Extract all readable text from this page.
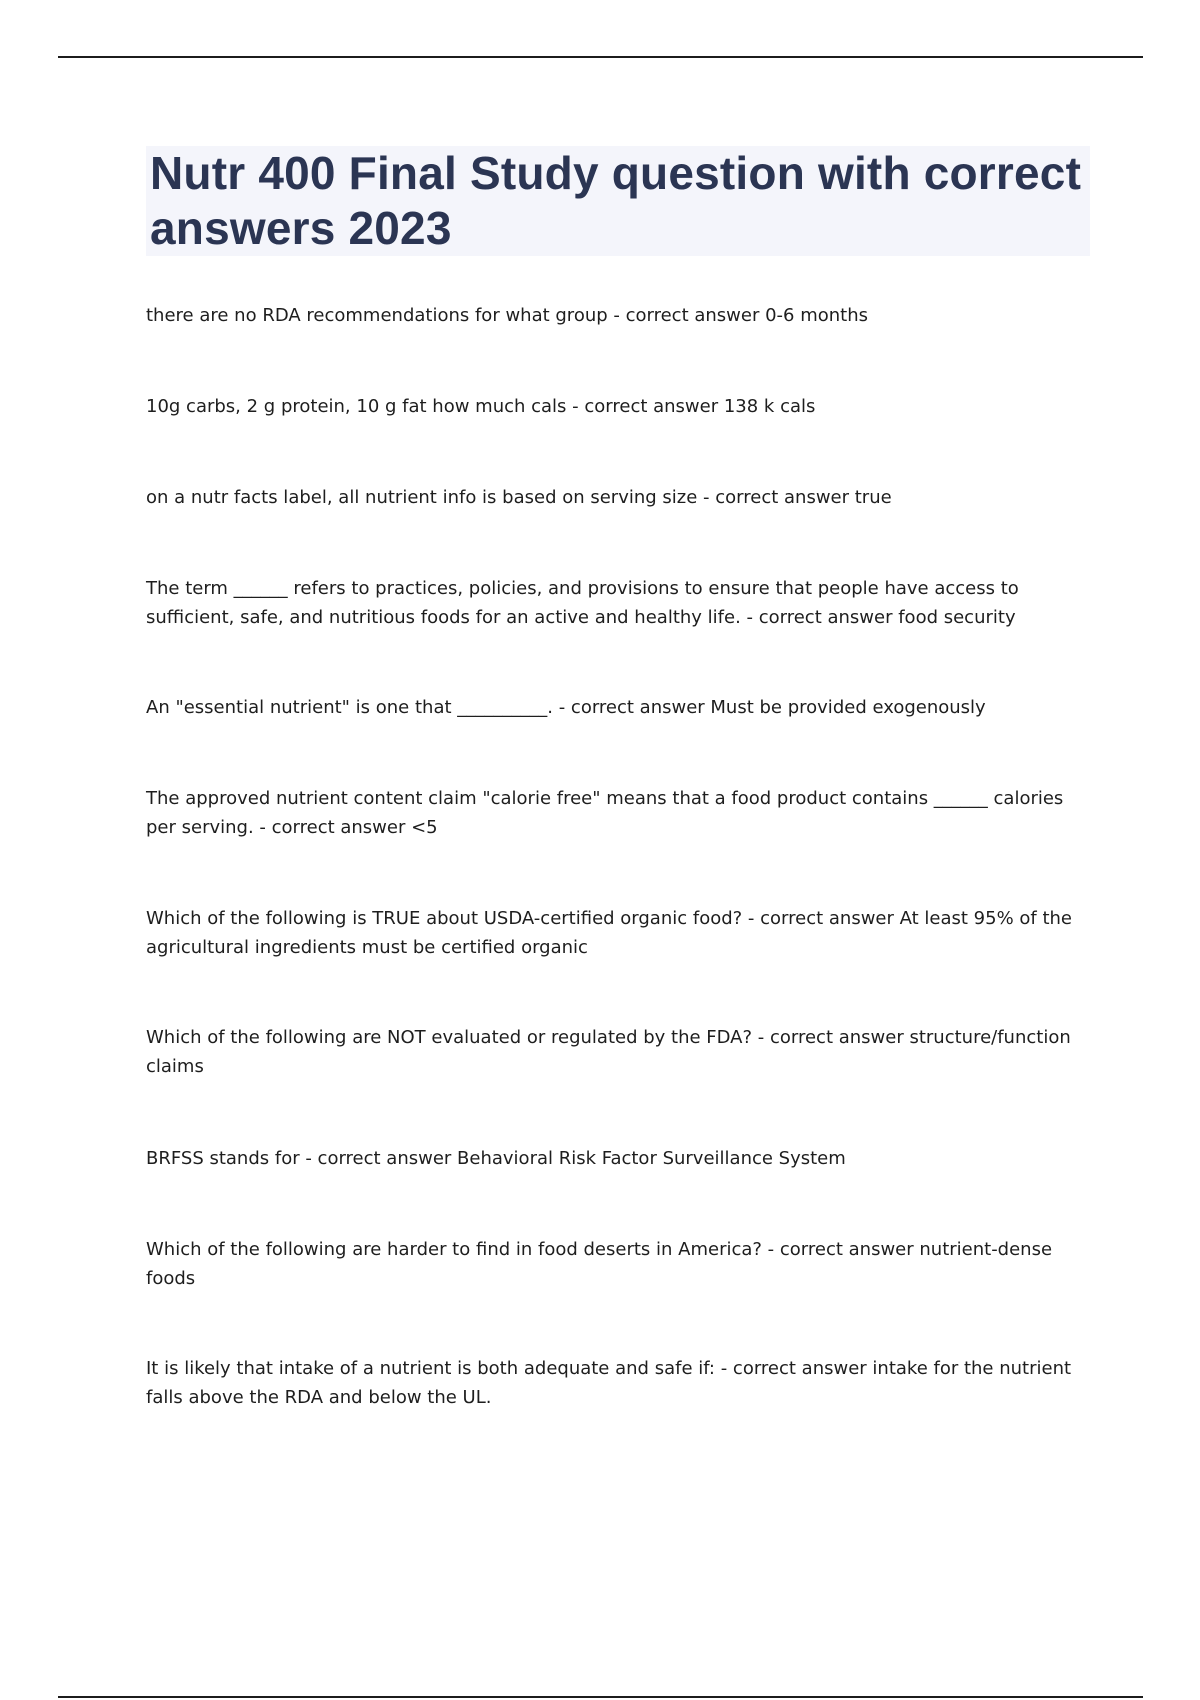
Nutr 400 Final Study question with correct answers 2023

there are no RDA recommendations for what group - correct answer 0-6 months

10g carbs, 2 g protein, 10 g fat how much cals - correct answer 138 k cals

on a nutr facts label, all nutrient info is based on serving size - correct answer true

The term ______ refers to practices, policies, and provisions to ensure that people have access to sufficient, safe, and nutritious foods for an active and healthy life. - correct answer food security

An "essential nutrient" is one that __________. - correct answer Must be provided exogenously

The approved nutrient content claim "calorie free" means that a food product contains ______ calories per serving. - correct answer <5

Which of the following is TRUE about USDA-certified organic food? - correct answer At least 95% of the agricultural ingredients must be certified organic

Which of the following are NOT evaluated or regulated by the FDA? - correct answer structure/function claims

BRFSS stands for - correct answer Behavioral Risk Factor Surveillance System

Which of the following are harder to find in food deserts in America? - correct answer nutrient-dense foods

It is likely that intake of a nutrient is both adequate and safe if: - correct answer intake for the nutrient falls above the RDA and below the UL.
